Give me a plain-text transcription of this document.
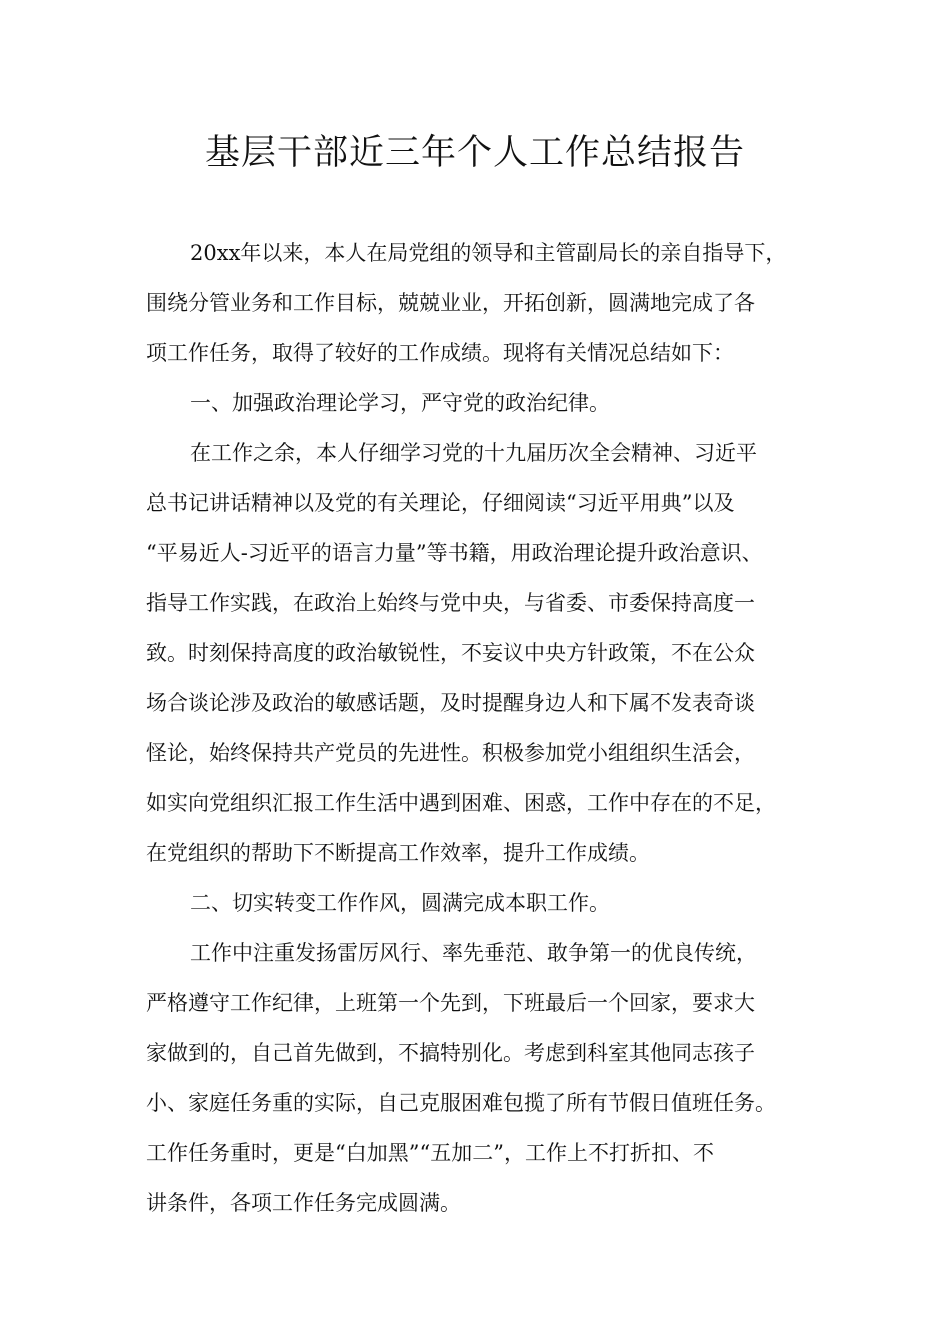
基层干部近三年个人工作总结报告
20xx年以来，本人在局党组的领导和主管副局长的亲自指导下，
围绕分管业务和工作目标，兢兢业业，开拓创新，圆满地完成了各
项工作任务，取得了较好的工作成绩。现将有关情况总结如下：
一、加强政治理论学习，严守党的政治纪律。
在工作之余，本人仔细学习党的十九届历次全会精神、习近平
总书记讲话精神以及党的有关理论，仔细阅读“习近平用典”以及
“平易近人-习近平的语言力量”等书籍，用政治理论提升政治意识、
指导工作实践，在政治上始终与党中央，与省委、市委保持高度一
致。时刻保持高度的政治敏锐性，不妄议中央方针政策，不在公众
场合谈论涉及政治的敏感话题，及时提醒身边人和下属不发表奇谈
怪论，始终保持共产党员的先进性。积极参加党小组组织生活会，
如实向党组织汇报工作生活中遇到困难、困惑，工作中存在的不足，
在党组织的帮助下不断提高工作效率，提升工作成绩。
二、切实转变工作作风，圆满完成本职工作。
工作中注重发扬雷厉风行、率先垂范、敢争第一的优良传统，
严格遵守工作纪律，上班第一个先到，下班最后一个回家，要求大
家做到的，自己首先做到，不搞特别化。考虑到科室其他同志孩子
小、家庭任务重的实际，自己克服困难包揽了所有节假日值班任务。
工作任务重时，更是“白加黑”“五加二”，工作上不打折扣、不
讲条件，各项工作任务完成圆满。
